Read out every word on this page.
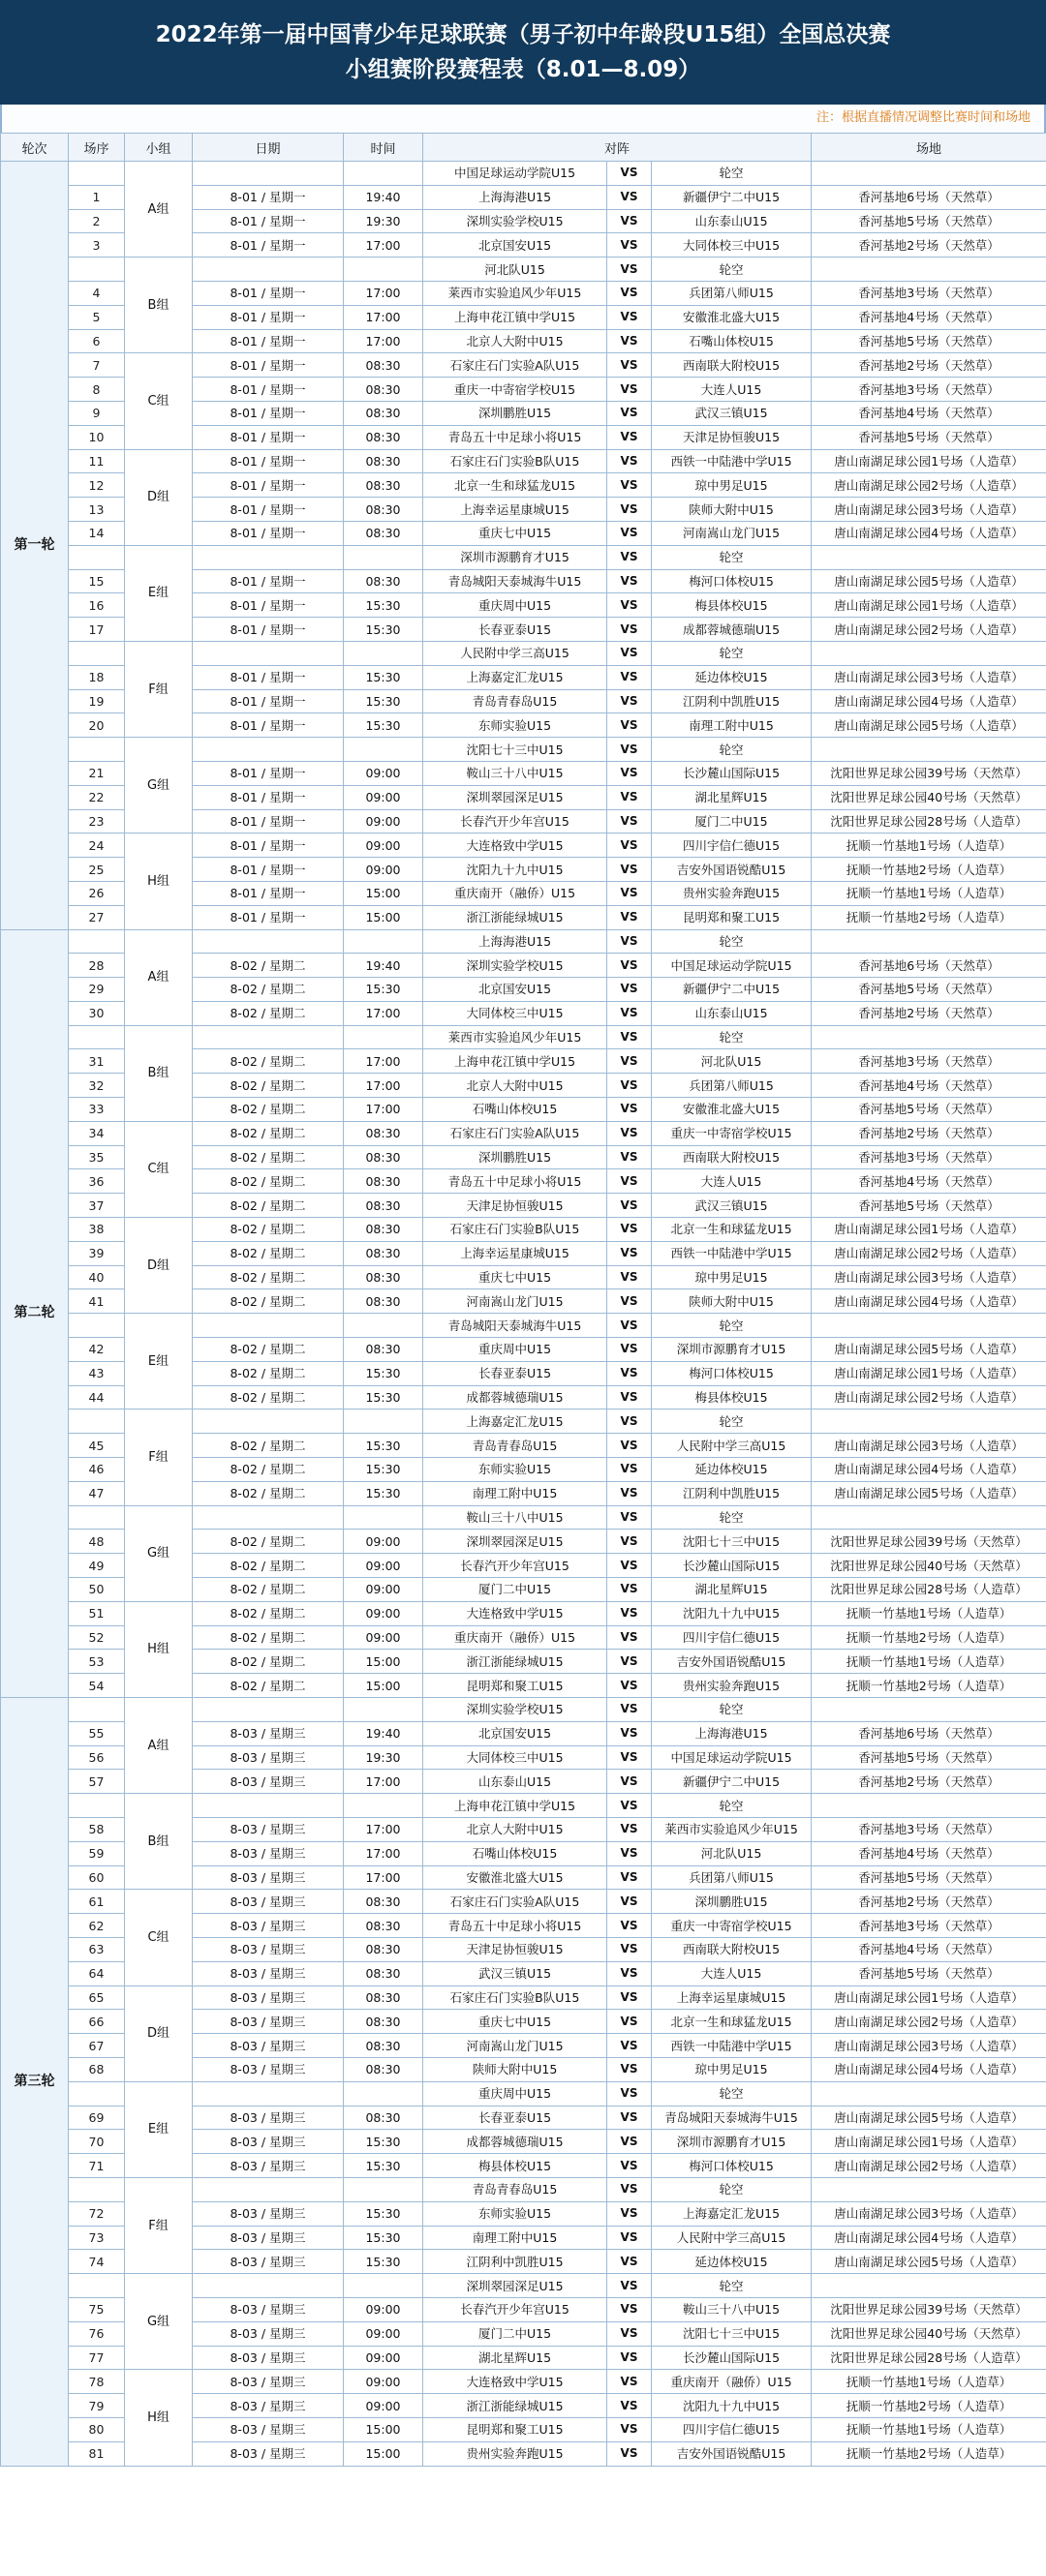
2022年第一届中国青少年足球联赛（男子初中年龄段U15组）全国总决赛
小组赛阶段赛程表（8.01—8.09）
注：根据直播情况调整比赛时间和场地
轮次	场序	小组	日期	时间	对阵			场地
第一轮		A组			中国足球运动学院U15	VS	轮空	
	1		8-01 / 星期一	19:40	上海海港U15	VS	新疆伊宁二中U15	香河基地6号场（天然草）
	2		8-01 / 星期一	19:30	深圳实验学校U15	VS	山东泰山U15	香河基地5号场（天然草）
	3		8-01 / 星期一	17:00	北京国安U15	VS	大同体校三中U15	香河基地2号场（天然草）
		B组			河北队U15	VS	轮空	
	4		8-01 / 星期一	17:00	莱西市实验追风少年U15	VS	兵团第八师U15	香河基地3号场（天然草）
	5		8-01 / 星期一	17:00	上海申花江镇中学U15	VS	安徽淮北盛大U15	香河基地4号场（天然草）
	6		8-01 / 星期一	17:00	北京人大附中U15	VS	石嘴山体校U15	香河基地5号场（天然草）
	7	C组	8-01 / 星期一	08:30	石家庄石门实验A队U15	VS	西南联大附校U15	香河基地2号场（天然草）
	8		8-01 / 星期一	08:30	重庆一中寄宿学校U15	VS	大连人U15	香河基地3号场（天然草）
	9		8-01 / 星期一	08:30	深圳鹏胜U15	VS	武汉三镇U15	香河基地4号场（天然草）
	10		8-01 / 星期一	08:30	青岛五十中足球小将U15	VS	天津足协恒骏U15	香河基地5号场（天然草）
	11	D组	8-01 / 星期一	08:30	石家庄石门实验B队U15	VS	西铁一中陆港中学U15	唐山南湖足球公园1号场（人造草）
	12		8-01 / 星期一	08:30	北京一生和球猛龙U15	VS	琼中男足U15	唐山南湖足球公园2号场（人造草）
	13		8-01 / 星期一	08:30	上海幸运星康城U15	VS	陕师大附中U15	唐山南湖足球公园3号场（人造草）
	14		8-01 / 星期一	08:30	重庆七中U15	VS	河南嵩山龙门U15	唐山南湖足球公园4号场（人造草）
		E组			深圳市源鹏育才U15	VS	轮空	
	15		8-01 / 星期一	08:30	青岛城阳天泰城海牛U15	VS	梅河口体校U15	唐山南湖足球公园5号场（人造草）
	16		8-01 / 星期一	15:30	重庆周中U15	VS	梅县体校U15	唐山南湖足球公园1号场（人造草）
	17		8-01 / 星期一	15:30	长春亚泰U15	VS	成都蓉城德瑞U15	唐山南湖足球公园2号场（人造草）
		F组			人民附中学三高U15	VS	轮空	
	18		8-01 / 星期一	15:30	上海嘉定汇龙U15	VS	延边体校U15	唐山南湖足球公园3号场（人造草）
	19		8-01 / 星期一	15:30	青岛青春岛U15	VS	江阴利中凯胜U15	唐山南湖足球公园4号场（人造草）
	20		8-01 / 星期一	15:30	东师实验U15	VS	南理工附中U15	唐山南湖足球公园5号场（人造草）
		G组			沈阳七十三中U15	VS	轮空	
	21		8-01 / 星期一	09:00	鞍山三十八中U15	VS	长沙麓山国际U15	沈阳世界足球公园39号场（天然草）
	22		8-01 / 星期一	09:00	深圳翠园深足U15	VS	湖北星辉U15	沈阳世界足球公园40号场（天然草）
	23		8-01 / 星期一	09:00	长春汽开少年宫U15	VS	厦门二中U15	沈阳世界足球公园28号场（人造草）
	24	H组	8-01 / 星期一	09:00	大连格致中学U15	VS	四川宇信仁德U15	抚顺一竹基地1号场（人造草）
	25		8-01 / 星期一	09:00	沈阳九十九中U15	VS	吉安外国语锐酷U15	抚顺一竹基地2号场（人造草）
	26		8-01 / 星期一	15:00	重庆南开（融侨）U15	VS	贵州实验奔跑U15	抚顺一竹基地1号场（人造草）
	27		8-01 / 星期一	15:00	浙江浙能绿城U15	VS	昆明郑和聚工U15	抚顺一竹基地2号场（人造草）
第二轮		A组			上海海港U15	VS	轮空	
	28		8-02 / 星期二	19:40	深圳实验学校U15	VS	中国足球运动学院U15	香河基地6号场（天然草）
	29		8-02 / 星期二	15:30	北京国安U15	VS	新疆伊宁二中U15	香河基地5号场（天然草）
	30		8-02 / 星期二	17:00	大同体校三中U15	VS	山东泰山U15	香河基地2号场（天然草）
		B组			莱西市实验追风少年U15	VS	轮空	
	31		8-02 / 星期二	17:00	上海申花江镇中学U15	VS	河北队U15	香河基地3号场（天然草）
	32		8-02 / 星期二	17:00	北京人大附中U15	VS	兵团第八师U15	香河基地4号场（天然草）
	33		8-02 / 星期二	17:00	石嘴山体校U15	VS	安徽淮北盛大U15	香河基地5号场（天然草）
	34	C组	8-02 / 星期二	08:30	石家庄石门实验A队U15	VS	重庆一中寄宿学校U15	香河基地2号场（天然草）
	35		8-02 / 星期二	08:30	深圳鹏胜U15	VS	西南联大附校U15	香河基地3号场（天然草）
	36		8-02 / 星期二	08:30	青岛五十中足球小将U15	VS	大连人U15	香河基地4号场（天然草）
	37		8-02 / 星期二	08:30	天津足协恒骏U15	VS	武汉三镇U15	香河基地5号场（天然草）
	38	D组	8-02 / 星期二	08:30	石家庄石门实验B队U15	VS	北京一生和球猛龙U15	唐山南湖足球公园1号场（人造草）
	39		8-02 / 星期二	08:30	上海幸运星康城U15	VS	西铁一中陆港中学U15	唐山南湖足球公园2号场（人造草）
	40		8-02 / 星期二	08:30	重庆七中U15	VS	琼中男足U15	唐山南湖足球公园3号场（人造草）
	41		8-02 / 星期二	08:30	河南嵩山龙门U15	VS	陕师大附中U15	唐山南湖足球公园4号场（人造草）
		E组			青岛城阳天泰城海牛U15	VS	轮空	
	42		8-02 / 星期二	08:30	重庆周中U15	VS	深圳市源鹏育才U15	唐山南湖足球公园5号场（人造草）
	43		8-02 / 星期二	15:30	长春亚泰U15	VS	梅河口体校U15	唐山南湖足球公园1号场（人造草）
	44		8-02 / 星期二	15:30	成都蓉城德瑞U15	VS	梅县体校U15	唐山南湖足球公园2号场（人造草）
		F组			上海嘉定汇龙U15	VS	轮空	
	45		8-02 / 星期二	15:30	青岛青春岛U15	VS	人民附中学三高U15	唐山南湖足球公园3号场（人造草）
	46		8-02 / 星期二	15:30	东师实验U15	VS	延边体校U15	唐山南湖足球公园4号场（人造草）
	47		8-02 / 星期二	15:30	南理工附中U15	VS	江阴利中凯胜U15	唐山南湖足球公园5号场（人造草）
		G组			鞍山三十八中U15	VS	轮空	
	48		8-02 / 星期二	09:00	深圳翠园深足U15	VS	沈阳七十三中U15	沈阳世界足球公园39号场（天然草）
	49		8-02 / 星期二	09:00	长春汽开少年宫U15	VS	长沙麓山国际U15	沈阳世界足球公园40号场（天然草）
	50		8-02 / 星期二	09:00	厦门二中U15	VS	湖北星辉U15	沈阳世界足球公园28号场（人造草）
	51	H组	8-02 / 星期二	09:00	大连格致中学U15	VS	沈阳九十九中U15	抚顺一竹基地1号场（人造草）
	52		8-02 / 星期二	09:00	重庆南开（融侨）U15	VS	四川宇信仁德U15	抚顺一竹基地2号场（人造草）
	53		8-02 / 星期二	15:00	浙江浙能绿城U15	VS	吉安外国语锐酷U15	抚顺一竹基地1号场（人造草）
	54		8-02 / 星期二	15:00	昆明郑和聚工U15	VS	贵州实验奔跑U15	抚顺一竹基地2号场（人造草）
第三轮		A组			深圳实验学校U15	VS	轮空	
	55		8-03 / 星期三	19:40	北京国安U15	VS	上海海港U15	香河基地6号场（天然草）
	56		8-03 / 星期三	19:30	大同体校三中U15	VS	中国足球运动学院U15	香河基地5号场（天然草）
	57		8-03 / 星期三	17:00	山东泰山U15	VS	新疆伊宁二中U15	香河基地2号场（天然草）
		B组			上海申花江镇中学U15	VS	轮空	
	58		8-03 / 星期三	17:00	北京人大附中U15	VS	莱西市实验追风少年U15	香河基地3号场（天然草）
	59		8-03 / 星期三	17:00	石嘴山体校U15	VS	河北队U15	香河基地4号场（天然草）
	60		8-03 / 星期三	17:00	安徽淮北盛大U15	VS	兵团第八师U15	香河基地5号场（天然草）
	61	C组	8-03 / 星期三	08:30	石家庄石门实验A队U15	VS	深圳鹏胜U15	香河基地2号场（天然草）
	62		8-03 / 星期三	08:30	青岛五十中足球小将U15	VS	重庆一中寄宿学校U15	香河基地3号场（天然草）
	63		8-03 / 星期三	08:30	天津足协恒骏U15	VS	西南联大附校U15	香河基地4号场（天然草）
	64		8-03 / 星期三	08:30	武汉三镇U15	VS	大连人U15	香河基地5号场（天然草）
	65	D组	8-03 / 星期三	08:30	石家庄石门实验B队U15	VS	上海幸运星康城U15	唐山南湖足球公园1号场（人造草）
	66		8-03 / 星期三	08:30	重庆七中U15	VS	北京一生和球猛龙U15	唐山南湖足球公园2号场（人造草）
	67		8-03 / 星期三	08:30	河南嵩山龙门U15	VS	西铁一中陆港中学U15	唐山南湖足球公园3号场（人造草）
	68		8-03 / 星期三	08:30	陕师大附中U15	VS	琼中男足U15	唐山南湖足球公园4号场（人造草）
		E组			重庆周中U15	VS	轮空	
	69		8-03 / 星期三	08:30	长春亚泰U15	VS	青岛城阳天泰城海牛U15	唐山南湖足球公园5号场（人造草）
	70		8-03 / 星期三	15:30	成都蓉城德瑞U15	VS	深圳市源鹏育才U15	唐山南湖足球公园1号场（人造草）
	71		8-03 / 星期三	15:30	梅县体校U15	VS	梅河口体校U15	唐山南湖足球公园2号场（人造草）
		F组			青岛青春岛U15	VS	轮空	
	72		8-03 / 星期三	15:30	东师实验U15	VS	上海嘉定汇龙U15	唐山南湖足球公园3号场（人造草）
	73		8-03 / 星期三	15:30	南理工附中U15	VS	人民附中学三高U15	唐山南湖足球公园4号场（人造草）
	74		8-03 / 星期三	15:30	江阴利中凯胜U15	VS	延边体校U15	唐山南湖足球公园5号场（人造草）
		G组			深圳翠园深足U15	VS	轮空	
	75		8-03 / 星期三	09:00	长春汽开少年宫U15	VS	鞍山三十八中U15	沈阳世界足球公园39号场（天然草）
	76		8-03 / 星期三	09:00	厦门二中U15	VS	沈阳七十三中U15	沈阳世界足球公园40号场（天然草）
	77		8-03 / 星期三	09:00	湖北星辉U15	VS	长沙麓山国际U15	沈阳世界足球公园28号场（人造草）
	78	H组	8-03 / 星期三	09:00	大连格致中学U15	VS	重庆南开（融侨）U15	抚顺一竹基地1号场（人造草）
	79		8-03 / 星期三	09:00	浙江浙能绿城U15	VS	沈阳九十九中U15	抚顺一竹基地2号场（人造草）
	80		8-03 / 星期三	15:00	昆明郑和聚工U15	VS	四川宇信仁德U15	抚顺一竹基地1号场（人造草）
	81		8-03 / 星期三	15:00	贵州实验奔跑U15	VS	吉安外国语锐酷U15	抚顺一竹基地2号场（人造草）
